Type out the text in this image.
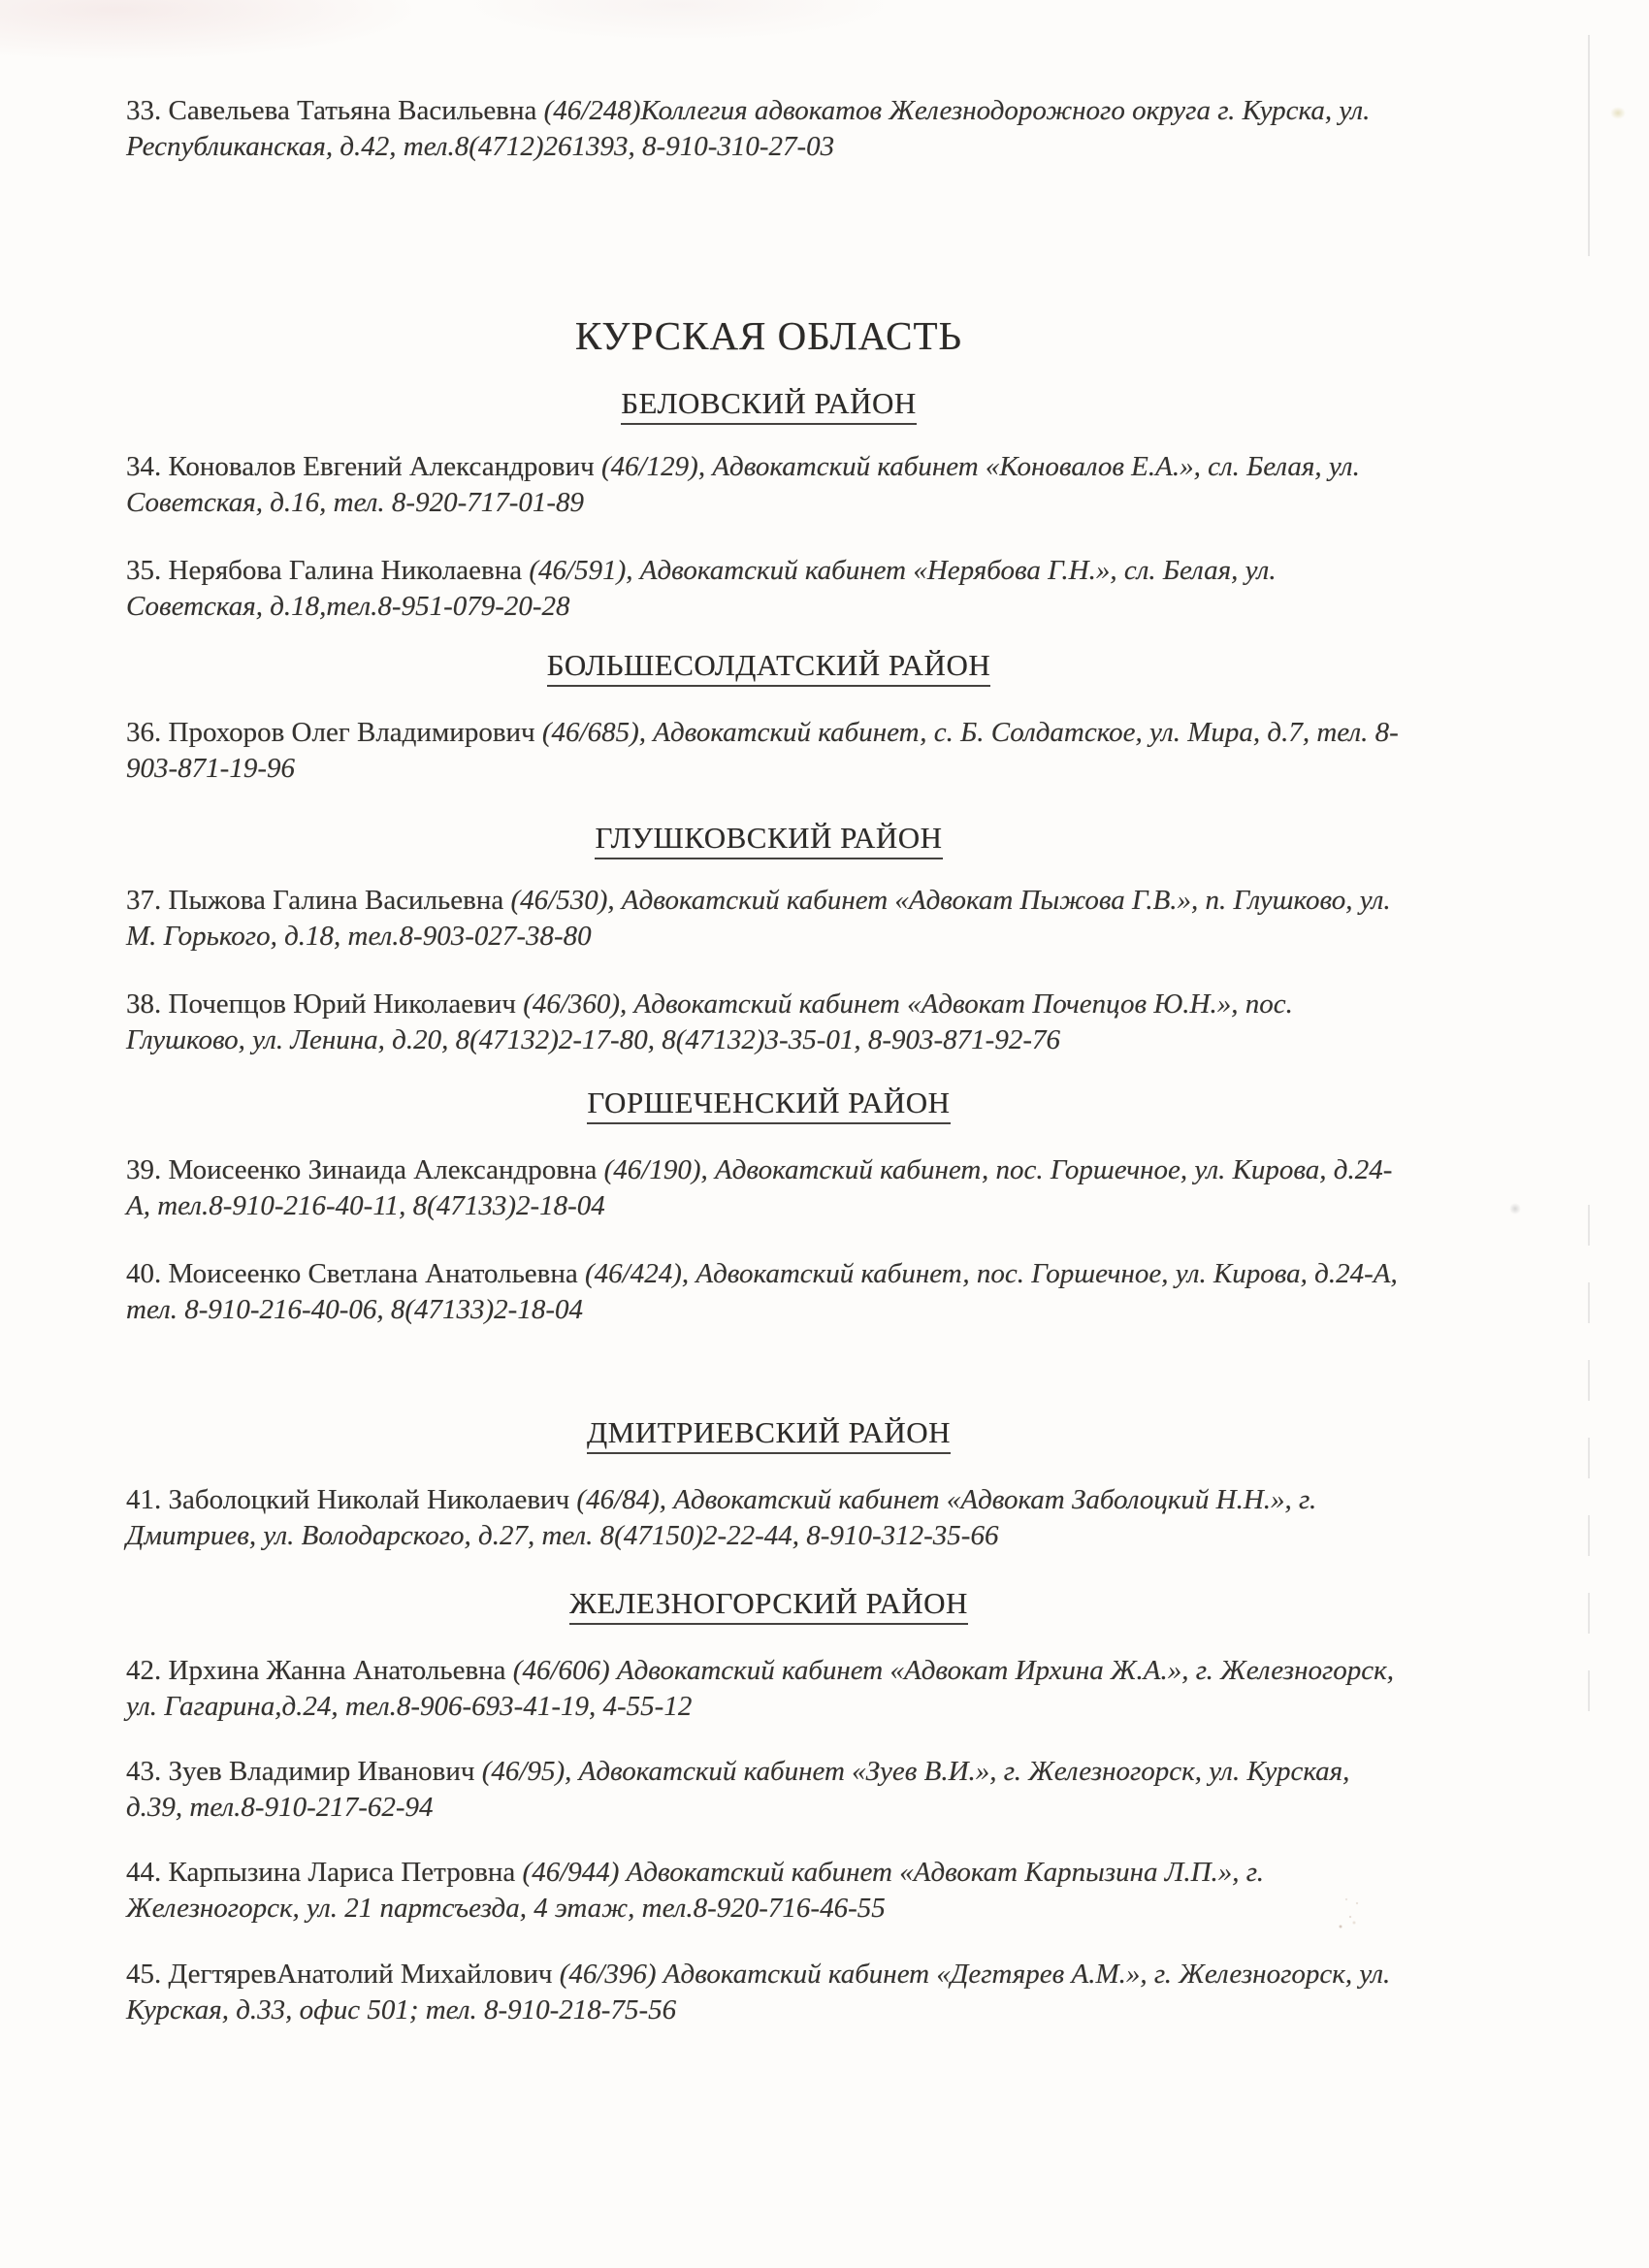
33. Савельева Татьяна Васильевна (46/248)Коллегия адвокатов Железнодорожного округа г. Курска, ул. Республиканская, д.42, тел.8(4712)261393, 8-910-310-27-03

КУРСКАЯ ОБЛАСТЬ
БЕЛОВСКИЙ РАЙОН

34. Коновалов Евгений Александрович (46/129), Адвокатский кабинет «Коновалов Е.А.», сл. Белая, ул. Советская, д.16, тел. 8-920-717-01-89

35. Нерябова Галина Николаевна (46/591), Адвокатский кабинет «Нерябова Г.Н.», сл. Белая, ул. Советская, д.18,тел.8-951-079-20-28

БОЛЬШЕСОЛДАТСКИЙ РАЙОН

36. Прохоров Олег Владимирович (46/685), Адвокатский кабинет, с. Б. Солдатское, ул. Мира, д.7, тел. 8-903-871-19-96

ГЛУШКОВСКИЙ РАЙОН

37. Пыжова Галина Васильевна (46/530), Адвокатский кабинет «Адвокат Пыжова Г.В.», п. Глушково, ул. М. Горького, д.18, тел.8-903-027-38-80

38. Почепцов Юрий Николаевич (46/360), Адвокатский кабинет «Адвокат Почепцов Ю.Н.», пос. Глушково, ул. Ленина, д.20, 8(47132)2-17-80, 8(47132)3-35-01, 8-903-871-92-76

ГОРШЕЧЕНСКИЙ РАЙОН

39. Моисеенко Зинаида Александровна (46/190), Адвокатский кабинет, пос. Горшечное, ул. Кирова, д.24-А, тел.8-910-216-40-11, 8(47133)2-18-04

40. Моисеенко Светлана Анатольевна (46/424), Адвокатский кабинет, пос. Горшечное, ул. Кирова, д.24-А, тел. 8-910-216-40-06, 8(47133)2-18-04

ДМИТРИЕВСКИЙ РАЙОН

41. Заболоцкий Николай Николаевич (46/84), Адвокатский кабинет «Адвокат Заболоцкий Н.Н.», г. Дмитриев, ул. Володарского, д.27, тел. 8(47150)2-22-44, 8-910-312-35-66

ЖЕЛЕЗНОГОРСКИЙ РАЙОН

42. Ирхина Жанна Анатольевна (46/606) Адвокатский кабинет «Адвокат Ирхина Ж.А.», г. Железногорск, ул. Гагарина,д.24, тел.8-906-693-41-19, 4-55-12

43. Зуев Владимир Иванович (46/95), Адвокатский кабинет «Зуев В.И.», г. Железногорск, ул. Курская, д.39, тел.8-910-217-62-94

44. Карпызина Лариса Петровна (46/944) Адвокатский кабинет «Адвокат Карпызина Л.П.», г. Железногорск, ул. 21 партсъезда, 4 этаж, тел.8-920-716-46-55

45. ДегтяревАнатолий Михайлович (46/396) Адвокатский кабинет «Дегтярев А.М.», г. Железногорск, ул. Курская, д.33, офис 501; тел. 8-910-218-75-56
